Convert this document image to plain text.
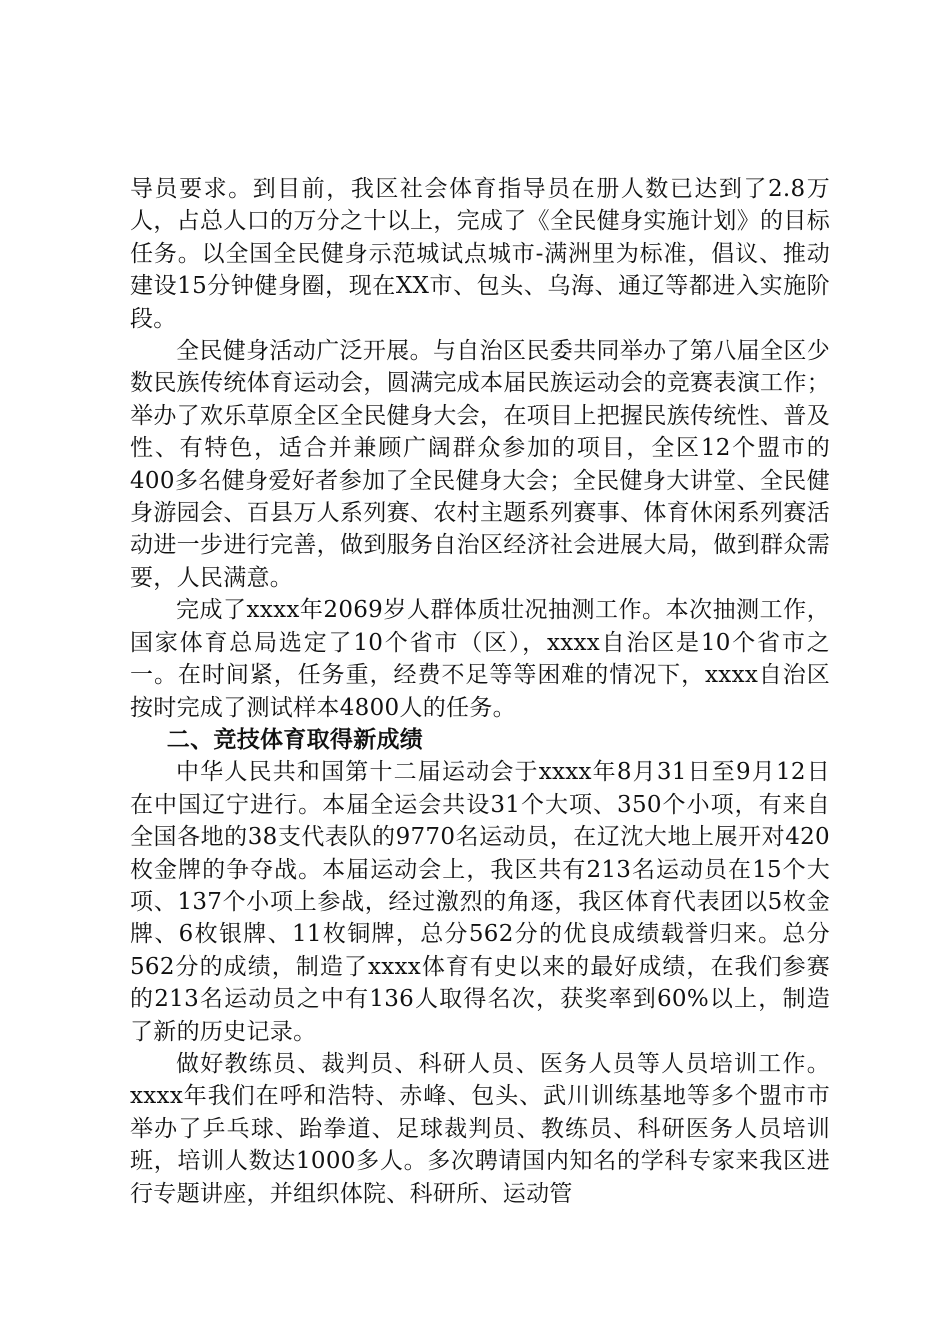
导员要求。到目前，我区社会体育指导员在册人数已达到了2.8万人，占总人口的万分之十以上，完成了《全民健身实施计划》的目标任务。以全国全民健身示范城试点城市-满洲里为标准，倡议、推动建设15分钟健身圈，现在XX市、包头、乌海、通辽等都进入实施阶段。

全民健身活动广泛开展。与自治区民委共同举办了第八届全区少数民族传统体育运动会，圆满完成本届民族运动会的竞赛表演工作；举办了欢乐草原全区全民健身大会，在项目上把握民族传统性、普及性、有特色，适合并兼顾广阔群众参加的项目，全区12个盟市的400多名健身爱好者参加了全民健身大会；全民健身大讲堂、全民健身游园会、百县万人系列赛、农村主题系列赛事、体育休闲系列赛活动进一步进行完善，做到服务自治区经济社会进展大局，做到群众需要，人民满意。

完成了xxxx年2069岁人群体质壮况抽测工作。本次抽测工作，国家体育总局选定了10个省市（区），xxxx自治区是10个省市之一。在时间紧，任务重，经费不足等等困难的情况下，xxxx自治区按时完成了测试样本4800人的任务。

二、竞技体育取得新成绩

中华人民共和国第十二届运动会于xxxx年8月31日至9月12日在中国辽宁进行。本届全运会共设31个大项、350个小项，有来自全国各地的38支代表队的9770名运动员，在辽沈大地上展开对420枚金牌的争夺战。本届运动会上，我区共有213名运动员在15个大项、137个小项上参战，经过激烈的角逐，我区体育代表团以5枚金牌、6枚银牌、11枚铜牌，总分562分的优良成绩载誉归来。总分562分的成绩，制造了xxxx体育有史以来的最好成绩，在我们参赛的213名运动员之中有136人取得名次，获奖率到60%以上，制造了新的历史记录。

做好教练员、裁判员、科研人员、医务人员等人员培训工作。xxxx年我们在呼和浩特、赤峰、包头、武川训练基地等多个盟市市举办了乒乓球、跆拳道、足球裁判员、教练员、科研医务人员培训班，培训人数达1000多人。多次聘请国内知名的学科专家来我区进行专题讲座，并组织体院、科研所、运动管
